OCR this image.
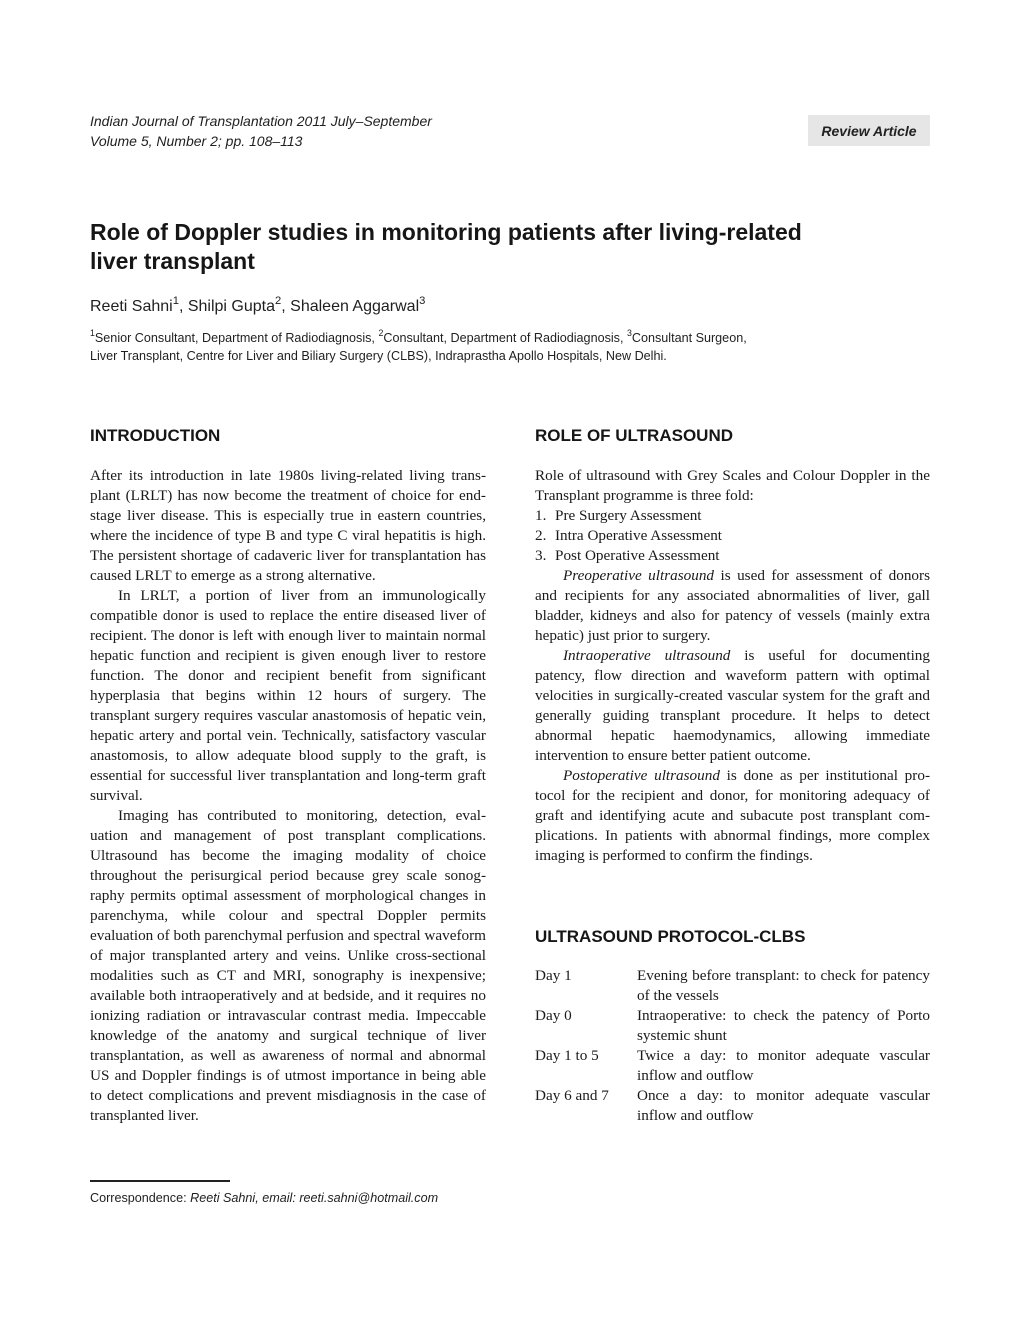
Indian Journal of Transplantation 2011 July–September
Volume 5, Number 2; pp. 108–113
Review Article
Role of Doppler studies in monitoring patients after living-related
liver transplant
Reeti Sahni$^1$, Shilpi Gupta$^2$, Shaleen Aggarwal$^3$
$^1$Senior Consultant, Department of Radiodiagnosis, $^2$Consultant, Department of Radiodiagnosis, $^3$Consultant Surgeon,
Liver Transplant, Centre for Liver and Biliary Surgery (CLBS), Indraprastha Apollo Hospitals, New Delhi.
INTRODUCTION

After its introduction in late 1980s living-related living transplant (LRLT) has now become the treatment of choice for end-stage liver disease. This is especially true in eastern countries, where the incidence of type B and type C viral hepatitis is high. The persistent shortage of cadaveric liver for transplantation has caused LRLT to emerge as a strong alternative.

In LRLT, a portion of liver from an immunologically compatible donor is used to replace the entire diseased liver of recipient. The donor is left with enough liver to maintain normal hepatic function and recipient is given enough liver to restore function. The donor and recipient benefit from significant hyperplasia that begins within 12 hours of surgery. The transplant surgery requires vascular anastomosis of hepatic vein, hepatic artery and portal vein. Technically, satisfactory vascular anastomosis, to allow adequate blood supply to the graft, is essential for successful liver transplantation and long-term graft survival.

Imaging has contributed to monitoring, detection, evaluation and management of post transplant complications. Ultrasound has become the imaging modality of choice throughout the perisurgical period because grey scale sonography permits optimal assessment of morphological changes in parenchyma, while colour and spectral Doppler permits evaluation of both parenchymal perfusion and spectral waveform of major transplanted artery and veins. Unlike cross-sectional modalities such as CT and MRI, sonography is inexpensive; available both intraoperatively and at bedside, and it requires no ionizing radiation or intravascular contrast media. Impeccable knowledge of the anatomy and surgical technique of liver transplantation, as well as awareness of normal and abnormal US and Doppler findings is of utmost importance in being able to detect complications and prevent misdiagnosis in the case of transplanted liver.

ROLE OF ULTRASOUND

Role of ultrasound with Grey Scales and Colour Doppler in the Transplant programme is three fold:

1. Pre Surgery Assessment
2. Intra Operative Assessment
3. Post Operative Assessment

Preoperative ultrasound is used for assessment of donors and recipients for any associated abnormalities of liver, gall bladder, kidneys and also for patency of vessels (mainly extra hepatic) just prior to surgery.

Intraoperative ultrasound is useful for documenting patency, flow direction and waveform pattern with optimal velocities in surgically-created vascular system for the graft and generally guiding transplant procedure. It helps to detect abnormal hepatic haemodynamics, allowing immediate intervention to ensure better patient outcome.

Postoperative ultrasound is done as per institutional protocol for the recipient and donor, for monitoring adequacy of graft and identifying acute and subacute post transplant complications. In patients with abnormal findings, more complex imaging is performed to confirm the findings.

ULTRASOUND PROTOCOL-CLBS
Day 1	Evening before transplant: to check for patency of the vessels
Day 0	Intraoperative: to check the patency of Porto systemic shunt
Day 1 to 5	Twice a day: to monitor adequate vascular inflow and outflow
Day 6 and 7	Once a day: to monitor adequate vascular inflow and outflow
Correspondence: Reeti Sahni, email: reeti.sahni@hotmail.com
